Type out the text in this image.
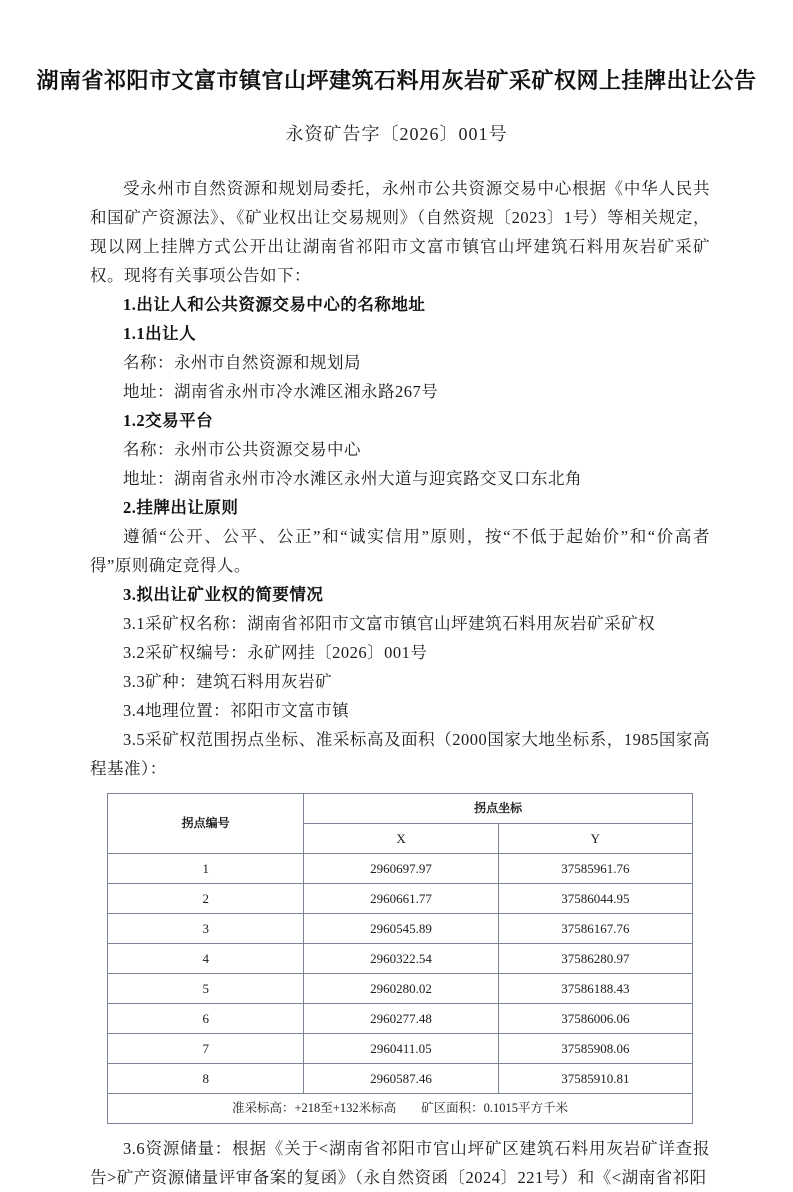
湖南省祁阳市文富市镇官山坪建筑石料用灰岩矿采矿权网上挂牌出让公告
永资矿告字〔2026〕001号

受永州市自然资源和规划局委托，永州市公共资源交易中心根据《中华人民共和国矿产资源法》、《矿业权出让交易规则》（自然资规〔2023〕1号）等相关规定，现以网上挂牌方式公开出让湖南省祁阳市文富市镇官山坪建筑石料用灰岩矿采矿权。现将有关事项公告如下：

1.出让人和公共资源交易中心的名称地址

1.1出让人

名称：永州市自然资源和规划局

地址：湖南省永州市冷水滩区湘永路267号

1.2交易平台

名称：永州市公共资源交易中心

地址：湖南省永州市冷水滩区永州大道与迎宾路交叉口东北角

2.挂牌出让原则

遵循“公开、公平、公正”和“诚实信用”原则，按“不低于起始价”和“价高者得”原则确定竞得人。

3.拟出让矿业权的简要情况

3.1采矿权名称：湖南省祁阳市文富市镇官山坪建筑石料用灰岩矿采矿权

3.2采矿权编号：永矿网挂〔2026〕001号

3.3矿种：建筑石料用灰岩矿

3.4地理位置：祁阳市文富市镇

3.5采矿权范围拐点坐标、准采标高及面积（2000国家大地坐标系，1985国家高程基准）：

拐点编号	拐点坐标	
	X	Y
1	2960697.97	37585961.76
2	2960661.77	37586044.95
3	2960545.89	37586167.76
4	2960322.54	37586280.97
5	2960280.02	37586188.43
6	2960277.48	37586006.06
7	2960411.05	37585908.06
8	2960587.46	37585910.81
准采标高：+218至+132米标高　　矿区面积：0.1015平方千米		

3.6资源储量：根据《关于<湖南省祁阳市官山坪矿区建筑石料用灰岩矿详查报告>矿产资源储量评审备案的复函》（永自然资函〔2024〕221号）和《<湖南省祁阳
